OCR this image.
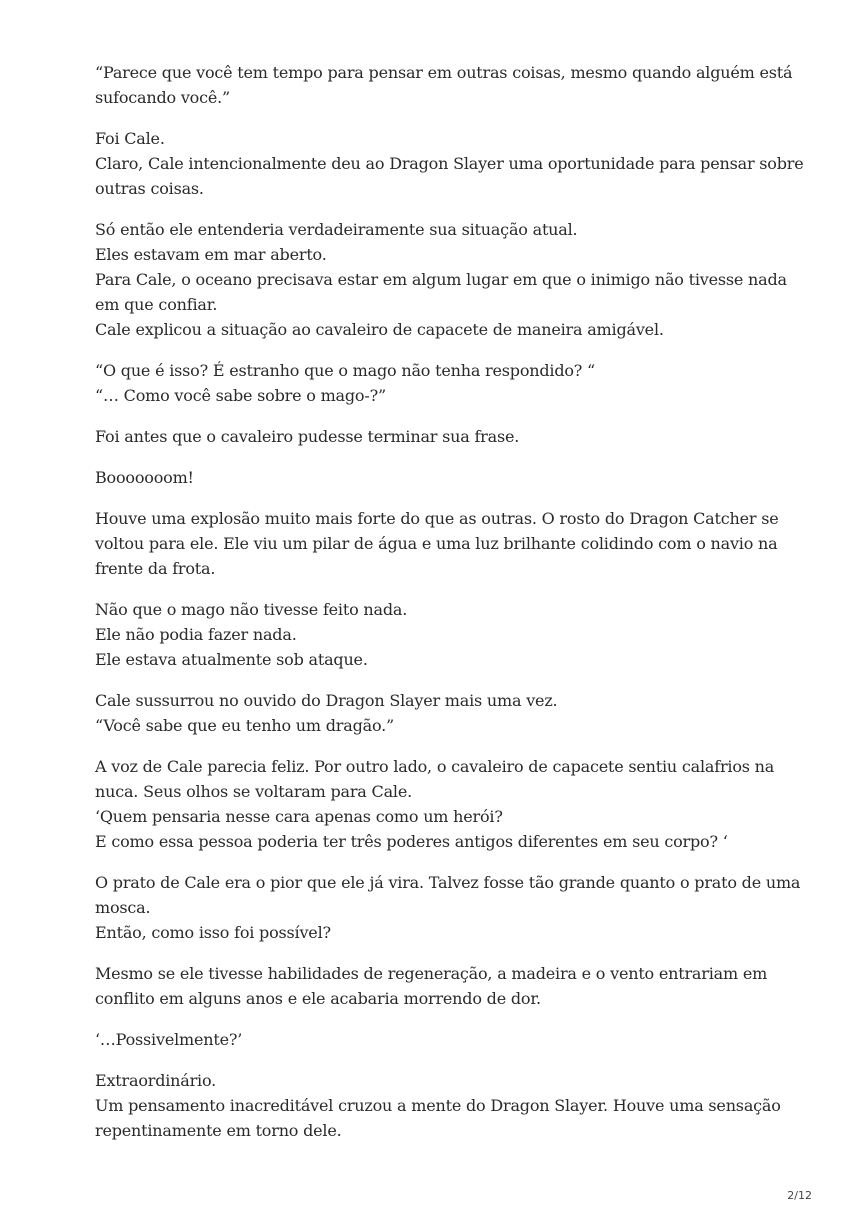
“Parece que você tem tempo para pensar em outras coisas, mesmo quando alguém está
sufocando você.”

Foi Cale.
Claro, Cale intencionalmente deu ao Dragon Slayer uma oportunidade para pensar sobre
outras coisas.

Só então ele entenderia verdadeiramente sua situação atual.
Eles estavam em mar aberto.
Para Cale, o oceano precisava estar em algum lugar em que o inimigo não tivesse nada
em que confiar.
Cale explicou a situação ao cavaleiro de capacete de maneira amigável.

“O que é isso? É estranho que o mago não tenha respondido? “
“… Como você sabe sobre o mago-?”

Foi antes que o cavaleiro pudesse terminar sua frase.

Booooooom!

Houve uma explosão muito mais forte do que as outras. O rosto do Dragon Catcher se
voltou para ele. Ele viu um pilar de água e uma luz brilhante colidindo com o navio na
frente da frota.

Não que o mago não tivesse feito nada.
Ele não podia fazer nada.
Ele estava atualmente sob ataque.

Cale sussurrou no ouvido do Dragon Slayer mais uma vez.
“Você sabe que eu tenho um dragão.”

A voz de Cale parecia feliz. Por outro lado, o cavaleiro de capacete sentiu calafrios na
nuca. Seus olhos se voltaram para Cale.
‘Quem pensaria nesse cara apenas como um herói?
E como essa pessoa poderia ter três poderes antigos diferentes em seu corpo? ‘

O prato de Cale era o pior que ele já vira. Talvez fosse tão grande quanto o prato de uma
mosca.
Então, como isso foi possível?

Mesmo se ele tivesse habilidades de regeneração, a madeira e o vento entrariam em
conflito em alguns anos e ele acabaria morrendo de dor.

‘…Possivelmente?’

Extraordinário.
Um pensamento inacreditável cruzou a mente do Dragon Slayer. Houve uma sensação
repentinamente em torno dele.

2/12
